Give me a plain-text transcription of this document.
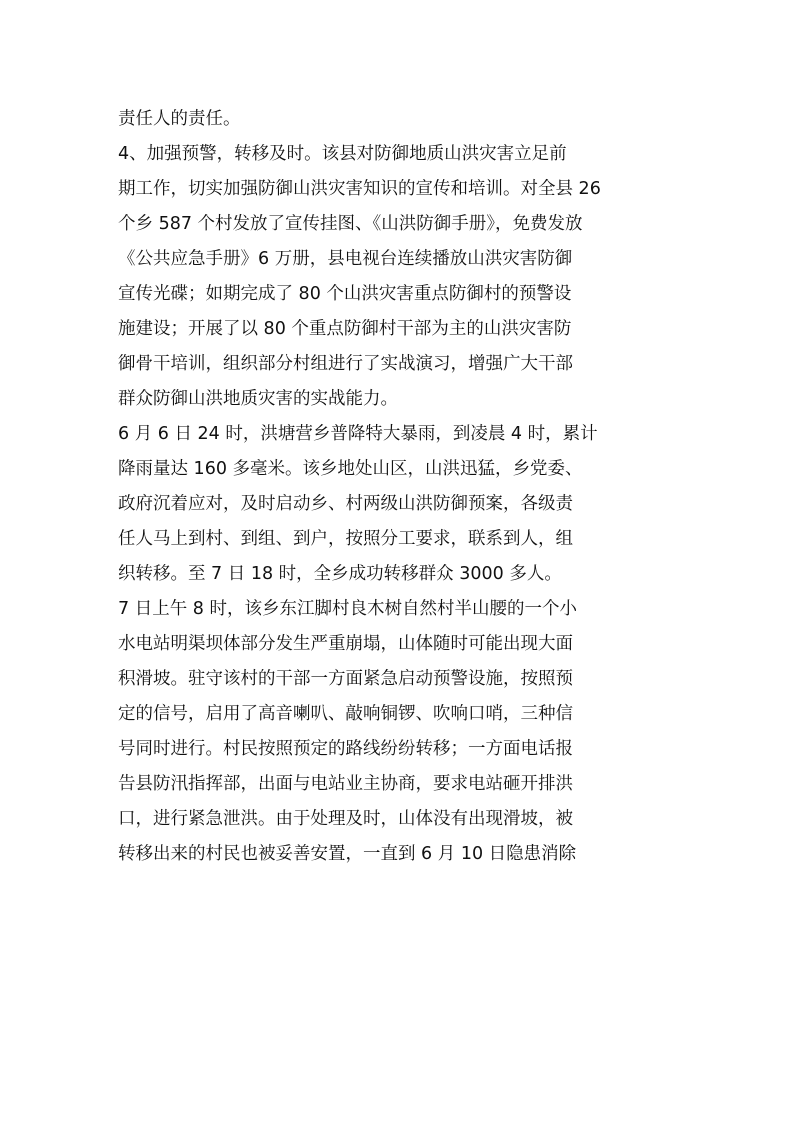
责任人的责任。
4、加强预警，转移及时。该县对防御地质山洪灾害立足前
期工作，切实加强防御山洪灾害知识的宣传和培训。对全县 26
个乡 587 个村发放了宣传挂图、《山洪防御手册》，免费发放
《公共应急手册》6 万册，县电视台连续播放山洪灾害防御
宣传光碟；如期完成了 80 个山洪灾害重点防御村的预警设
施建设；开展了以 80 个重点防御村干部为主的山洪灾害防
御骨干培训，组织部分村组进行了实战演习，增强广大干部
群众防御山洪地质灾害的实战能力。
6 月 6 日 24 时，洪塘营乡普降特大暴雨，到凌晨 4 时，累计
降雨量达 160 多毫米。该乡地处山区，山洪迅猛，乡党委、
政府沉着应对，及时启动乡、村两级山洪防御预案，各级责
任人马上到村、到组、到户，按照分工要求，联系到人，组
织转移。至 7 日 18 时，全乡成功转移群众 3000 多人。
7 日上午 8 时，该乡东江脚村良木树自然村半山腰的一个小
水电站明渠坝体部分发生严重崩塌，山体随时可能出现大面
积滑坡。驻守该村的干部一方面紧急启动预警设施，按照预
定的信号，启用了高音喇叭、敲响铜锣、吹响口哨，三种信
号同时进行。村民按照预定的路线纷纷转移；一方面电话报
告县防汛指挥部，出面与电站业主协商，要求电站砸开排洪
口，进行紧急泄洪。由于处理及时，山体没有出现滑坡，被
转移出来的村民也被妥善安置，一直到 6 月 10 日隐患消除
